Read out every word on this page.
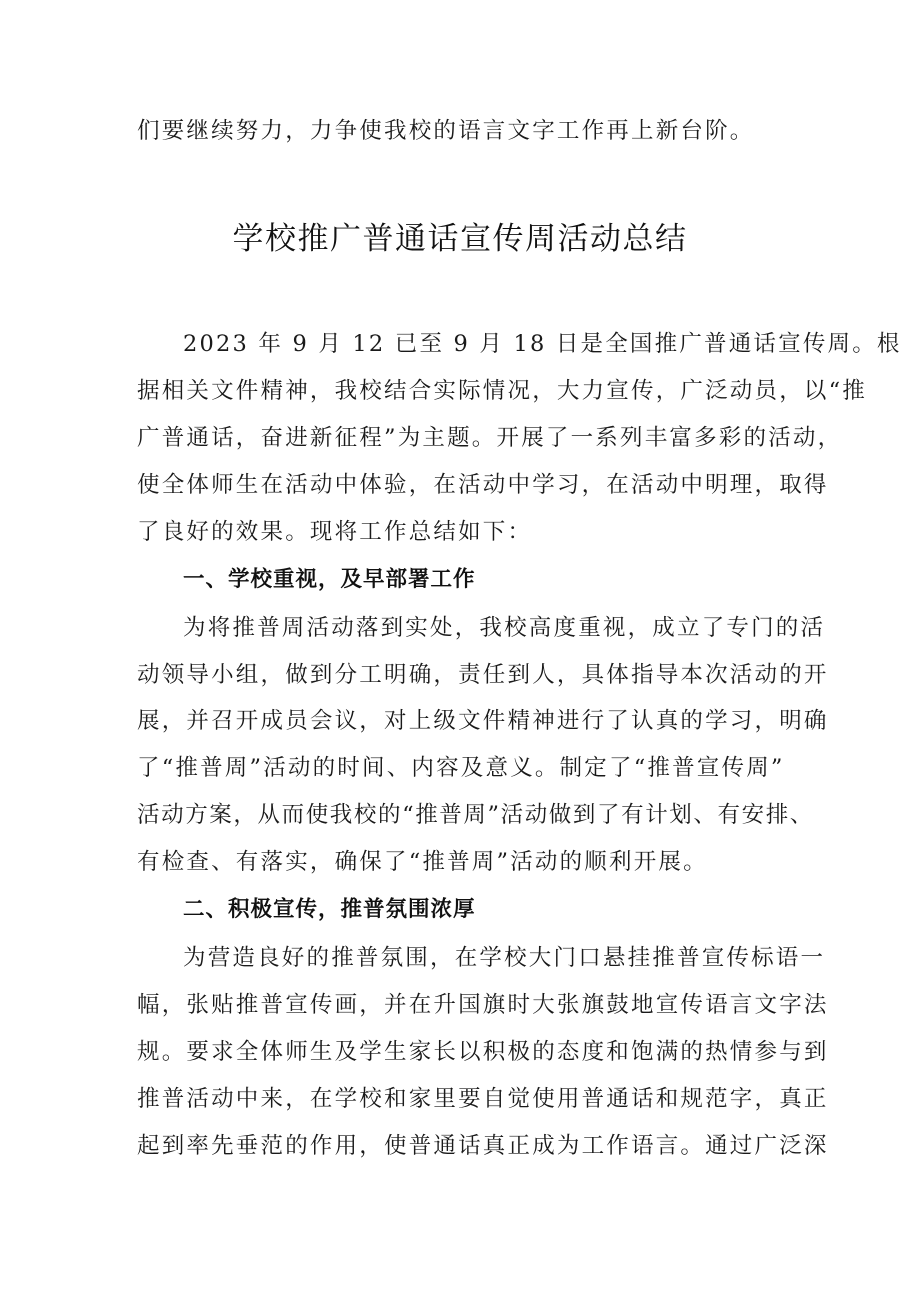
们要继续努力，力争使我校的语言文字工作再上新台阶。
学校推广普通话宣传周活动总结
2023 年 9 月 12 已至 9 月 18 日是全国推广普通话宣传周。根
据相关文件精神，我校结合实际情况，大力宣传，广泛动员，以“推
广普通话，奋进新征程”为主题。开展了一系列丰富多彩的活动，
使全体师生在活动中体验，在活动中学习，在活动中明理，取得
了良好的效果。现将工作总结如下：
一、学校重视，及早部署工作
为将推普周活动落到实处，我校高度重视，成立了专门的活
动领导小组，做到分工明确，责任到人，具体指导本次活动的开
展，并召开成员会议，对上级文件精神进行了认真的学习，明确
了“推普周”活动的时间、内容及意义。制定了“推普宣传周”
活动方案，从而使我校的“推普周”活动做到了有计划、有安排、
有检查、有落实，确保了“推普周”活动的顺利开展。
二、积极宣传，推普氛围浓厚
为营造良好的推普氛围，在学校大门口悬挂推普宣传标语一
幅，张贴推普宣传画，并在升国旗时大张旗鼓地宣传语言文字法
规。要求全体师生及学生家长以积极的态度和饱满的热情参与到
推普活动中来，在学校和家里要自觉使用普通话和规范字，真正
起到率先垂范的作用，使普通话真正成为工作语言。通过广泛深
